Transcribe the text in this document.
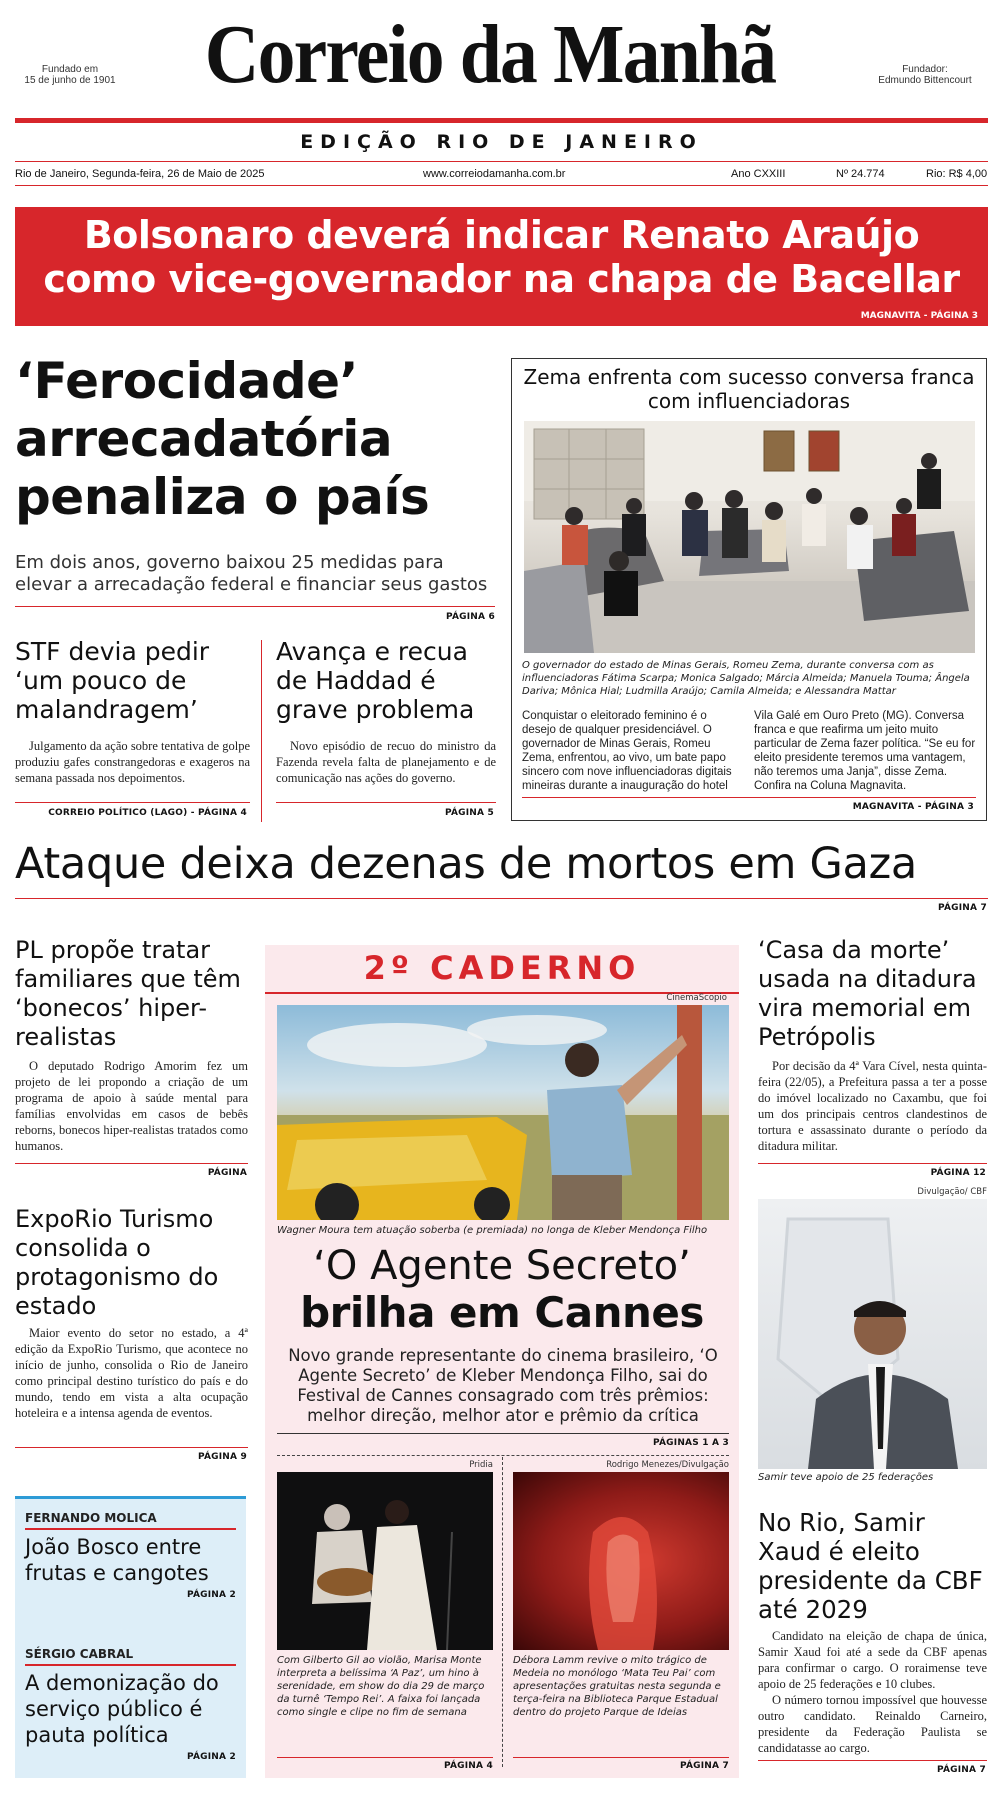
Fundado em
15 de junho de 1901 Correio da Manhã	Fundador:
Edmundo Bittencourt
EDIÇÃO RIO DE JANEIRO
Rio de Janeiro, Segunda-feira, 26 de Maio de 2025	www.correiodamanha.com.br	Ano CXXIII	Nº 24.774	Rio: R$ 4,00
Bolsonaro deverá indicar Renato Araújo como vice-governador na chapa de Bacellar
MAGNAVITA - PÁGINA 3
‘Ferocidade’ arrecadatória penaliza o país
Em dois anos, governo baixou 25 medidas para elevar a arrecadação federal e financiar seus gastos
PÁGINA 6
STF devia pedir ‘um pouco de malandragem’
Julgamento da ação sobre tentativa de golpe produziu gafes constrangedoras e exageros na semana passada nos depoimentos.
CORREIO POLÍTICO (LAGO) - PÁGINA 4
Avança e recua de Haddad é grave problema
Novo episódio de recuo do ministro da Fazenda revela falta de planejamento e de comunicação nas ações do governo.
PÁGINA 5
Zema enfrenta com sucesso conversa franca com influenciadoras
O governador do estado de Minas Gerais, Romeu Zema, durante conversa com as influenciadoras Fátima Scarpa; Monica Salgado; Márcia Almeida; Manuela Touma; Ângela Dariva; Mônica Hial; Ludmilla Araújo; Camila Almeida; e Alessandra Mattar
Conquistar o eleitorado feminino é o desejo de qualquer presidenciável. O governador de Minas Gerais, Romeu Zema, enfrentou, ao vivo, um bate papo sincero com nove influenciadoras digitais mineiras durante a inauguração do hotel
Vila Galé em Ouro Preto (MG). Conversa franca e que reafirma um jeito muito particular de Zema fazer política. “Se eu for eleito presidente teremos uma vantagem, não teremos uma Janja”, disse Zema. Confira na Coluna Magnavita.
MAGNAVITA - PÁGINA 3
Ataque deixa dezenas de mortos em Gaza
PÁGINA 7
PL propõe tratar familiares que têm ‘bonecos’ hiper-realistas
O deputado Rodrigo Amorim fez um projeto de lei propondo a criação de um programa de apoio à saúde mental para famílias envolvidas em casos de bebês reborns, bonecos hiper-realistas tratados como humanos.
PÁGINA
ExpoRio Turismo consolida o protagonismo do estado
Maior evento do setor no estado, a 4ª edição da ExpoRio Turismo, que acontece no início de junho, consolida o Rio de Janeiro como principal destino turístico do país e do mundo, tendo em vista a alta ocupação hoteleira e a intensa agenda de eventos.
PÁGINA 9
FERNANDO MOLICA
João Bosco entre frutas e cangotes
PÁGINA 2
SÉRGIO CABRAL
A demonização do serviço público é pauta política
PÁGINA 2
2º CADERNO
CinemaScopio
Wagner Moura tem atuação soberba (e premiada) no longa de Kleber Mendonça Filho
‘O Agente Secreto’
brilha em Cannes
Novo grande representante do cinema brasileiro, ‘O Agente Secreto’ de Kleber Mendonça Filho, sai do Festival de Cannes consagrado com três prêmios: melhor direção, melhor ator e prêmio da crítica
PÁGINAS 1 A 3
Pridia
Com Gilberto Gil ao violão, Marisa Monte interpreta a belíssima ‘A Paz’, um hino à serenidade, em show do dia 29 de março da turnê ‘Tempo Rei’. A faixa foi lançada como single e clipe no fim de semana
PÁGINA 4
Rodrigo Menezes/Divulgação
Débora Lamm revive o mito trágico de Medeia no monólogo ‘Mata Teu Pai’ com apresentações gratuitas nesta segunda e terça-feira na Biblioteca Parque Estadual dentro do projeto Parque de Ideias
PÁGINA 7
‘Casa da morte’ usada na ditadura vira memorial em Petrópolis
Por decisão da 4ª Vara Cível, nesta quinta-feira (22/05), a Prefeitura passa a ter a posse do imóvel localizado no Caxambu, que foi um dos principais centros clandestinos de tortura e assassinato durante o período da ditadura militar.
PÁGINA 12
Divulgação/ CBF
Samir teve apoio de 25 federações
No Rio, Samir Xaud é eleito presidente da CBF até 2029
Candidato na eleição de chapa de única, Samir Xaud foi até a sede da CBF apenas para confirmar o cargo. O roraimense teve apoio de 25 federações e 10 clubes.
O número tornou impossível que houvesse outro candidato. Reinaldo Carneiro, presidente da Federação Paulista se candidatasse ao cargo.
PÁGINA 7
